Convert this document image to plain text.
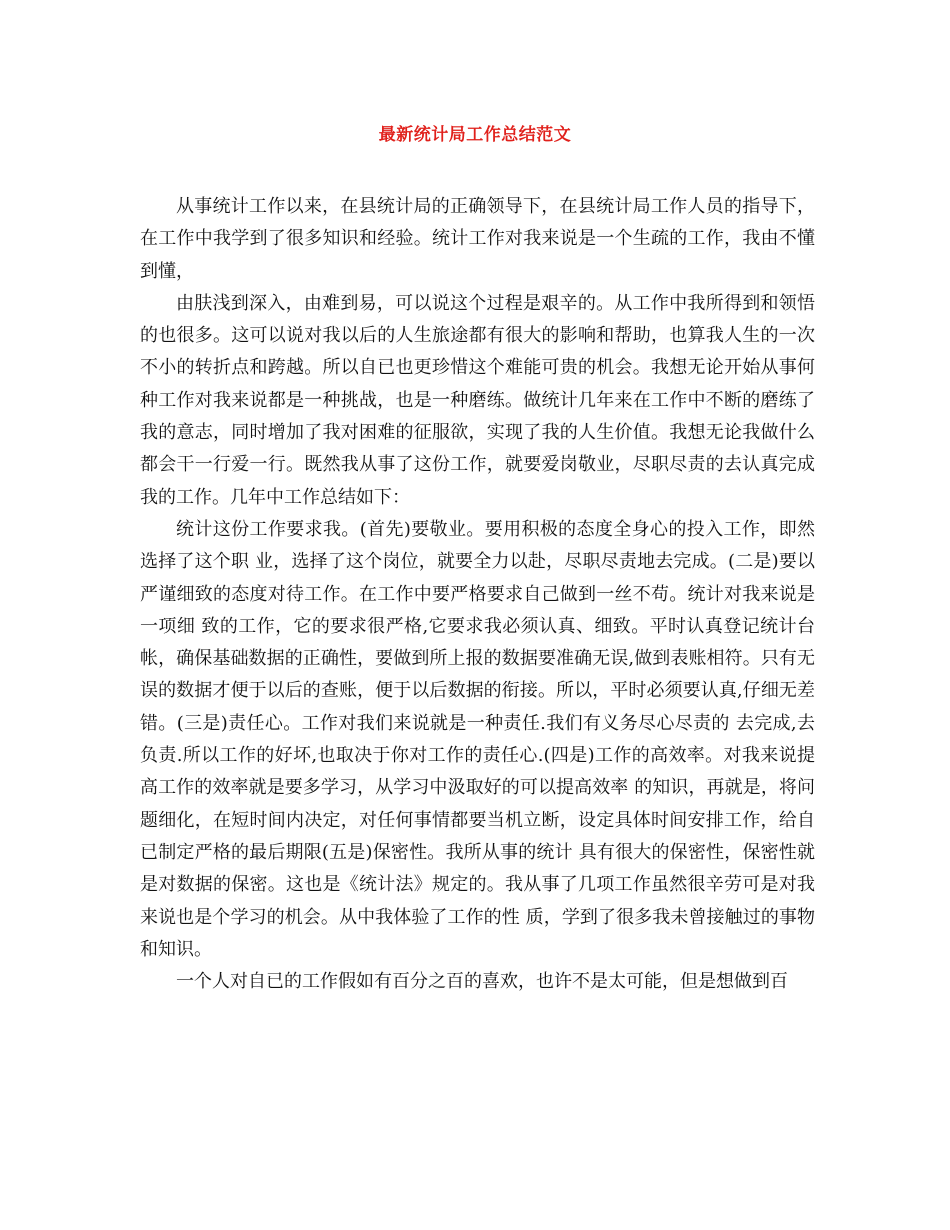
最新统计局工作总结范文

从事统计工作以来，在县统计局的正确领导下，在县统计局工作人员的指导下，在工作中我学到了很多知识和经验。统计工作对我来说是一个生疏的工作，我由不懂 到懂，

由肤浅到深入，由难到易，可以说这个过程是艰辛的。从工作中我所得到和领悟的也很多。这可以说对我以后的人生旅途都有很大的影响和帮助，也算我人生的一次不小的转折点和跨越。所以自已也更珍惜这个难能可贵的机会。我想无论开始从事何种工作对我来说都是一种挑战，也是一种磨练。做统计几年来在工作中不断的磨练了我的意志，同时增加了我对困难的征服欲，实现了我的人生价值。我想无论我做什么都会干一行爱一行。既然我从事了这份工作，就要爱岗敬业，尽职尽责的去认真完成我的工作。几年中工作总结如下：

统计这份工作要求我。(首先)要敬业。要用积极的态度全身心的投入工作，即然选择了这个职 业，选择了这个岗位，就要全力以赴，尽职尽责地去完成。(二是)要以严谨细致的态度对待工作。在工作中要严格要求自己做到一丝不苟。统计对我来说是一项细 致的工作，它的要求很严格,它要求我必须认真、细致。平时认真登记统计台帐，确保基础数据的正确性，要做到所上报的数据要准确无误,做到表账相符。只有无 误的数据才便于以后的查账，便于以后数据的衔接。所以，平时必须要认真,仔细无差错。(三是)责任心。工作对我们来说就是一种责任.我们有义务尽心尽责的 去完成,去负责.所以工作的好坏,也取决于你对工作的责任心.(四是)工作的高效率。对我来说提高工作的效率就是要多学习，从学习中汲取好的可以提高效率 的知识，再就是，将问题细化，在短时间内决定，对任何事情都要当机立断，设定具体时间安排工作，给自已制定严格的最后期限(五是)保密性。我所从事的统计 具有很大的保密性，保密性就是对数据的保密。这也是《统计法》规定的。我从事了几项工作虽然很辛劳可是对我来说也是个学习的机会。从中我体验了工作的性 质，学到了很多我未曾接触过的事物和知识。

一个人对自已的工作假如有百分之百的喜欢，也许不是太可能，但是想做到百
